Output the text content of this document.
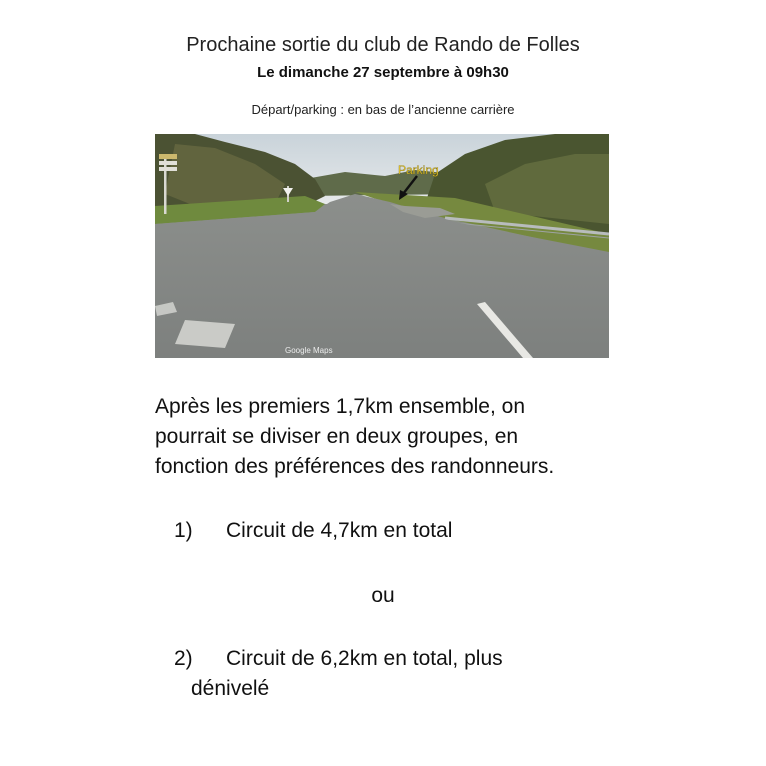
Prochaine sortie du club de Rando de Folles
Le dimanche 27 septembre à 09h30
Départ/parking : en bas de l’ancienne carrière
Parking
Google Maps
Après les premiers 1,7km ensemble, on
pourrait se diviser en deux groupes, en
fonction des préférences des randonneurs.
1) Circuit de 4,7km en total
ou
2) Circuit de 6,2km en total, plus
dénivelé
